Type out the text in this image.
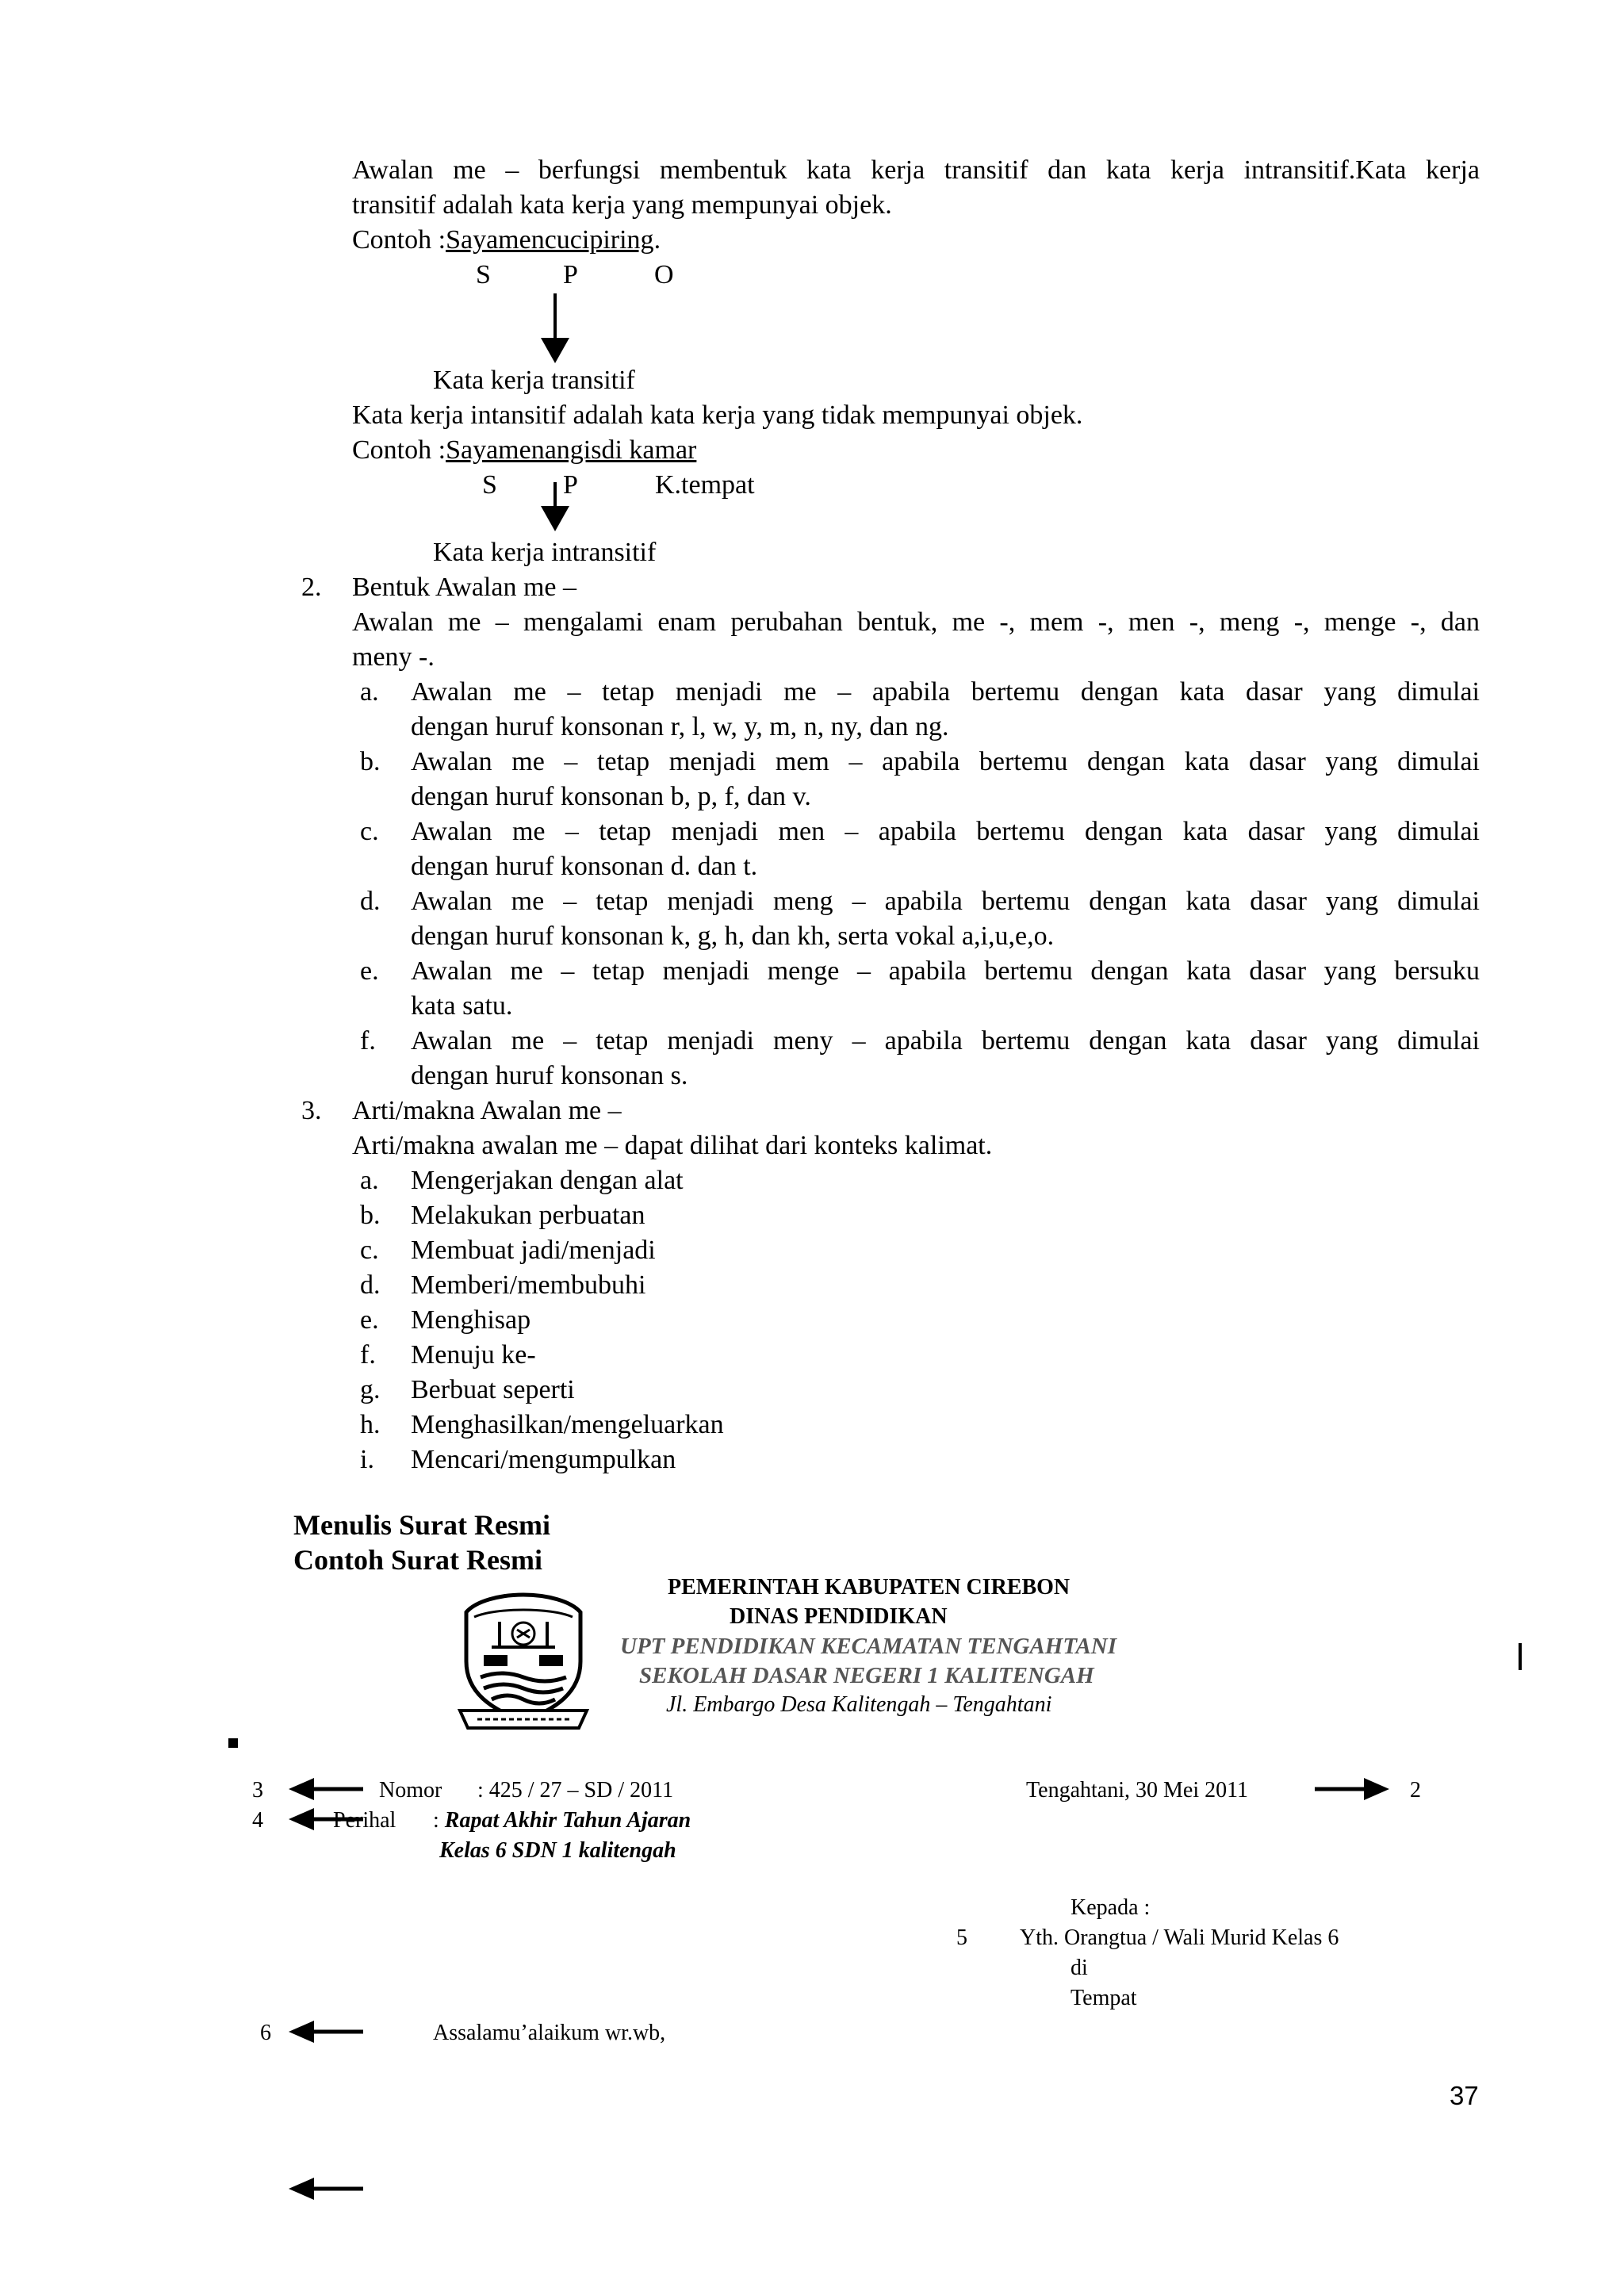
Awalan me – berfungsi membentuk kata kerja transitif dan kata kerja intransitif.Kata kerja
transitif adalah kata kerja yang mempunyai objek.
Contoh :Sayamencucipiring.
S	P	O
Kata kerja transitif
Kata kerja intansitif adalah kata kerja yang tidak mempunyai objek.
Contoh :Sayamenangisdi kamar
S P	K.tempat
Kata kerja intransitif
2. Bentuk Awalan me –
Awalan me – mengalami enam perubahan bentuk, me -, mem -, men -, meng -, menge -, dan
meny -.
a. Awalan me – tetap menjadi me – apabila bertemu dengan kata dasar yang dimulai
dengan huruf konsonan r, l, w, y, m, n, ny, dan ng.
b. Awalan me – tetap menjadi mem – apabila bertemu dengan kata dasar yang dimulai
dengan huruf konsonan b, p, f, dan v.
c. Awalan me – tetap menjadi men – apabila bertemu dengan kata dasar yang dimulai
dengan huruf konsonan d. dan t.
d. Awalan me – tetap menjadi meng – apabila bertemu dengan kata dasar yang dimulai
dengan huruf konsonan k, g, h, dan kh, serta vokal a,i,u,e,o.
e. Awalan me – tetap menjadi menge – apabila bertemu dengan kata dasar yang bersuku
kata satu.
f. Awalan me – tetap menjadi meny – apabila bertemu dengan kata dasar yang dimulai
dengan huruf konsonan s.
3. Arti/makna Awalan me –
Arti/makna awalan me – dapat dilihat dari konteks kalimat.
a. Mengerjakan dengan alat
b. Melakukan perbuatan
c. Membuat jadi/menjadi
d. Memberi/membubuhi
e. Menghisap
f. Menuju ke-
g. Berbuat seperti
h. Menghasilkan/mengeluarkan
i. Mencari/mengumpulkan
Menulis Surat Resmi
Contoh Surat Resmi
PEMERINTAH KABUPATEN CIREBON
DINAS PENDIDIKAN
UPT PENDIDIKAN KECAMATAN TENGAHTANI
SEKOLAH DASAR NEGERI 1 KALITENGAH
Jl. Embargo Desa Kalitengah – Tengahtani
3	Nomor : 425 / 27 – SD / 2011	Tengahtani, 30 Mei 2011	2
4	Perihal : Rapat Akhir Tahun Ajaran
Kelas 6 SDN 1 kalitengah
Kepada :
5 Yth. Orangtua / Wali Murid Kelas 6
di
Tempat
6	Assalamu’alaikum wr.wb,
37
